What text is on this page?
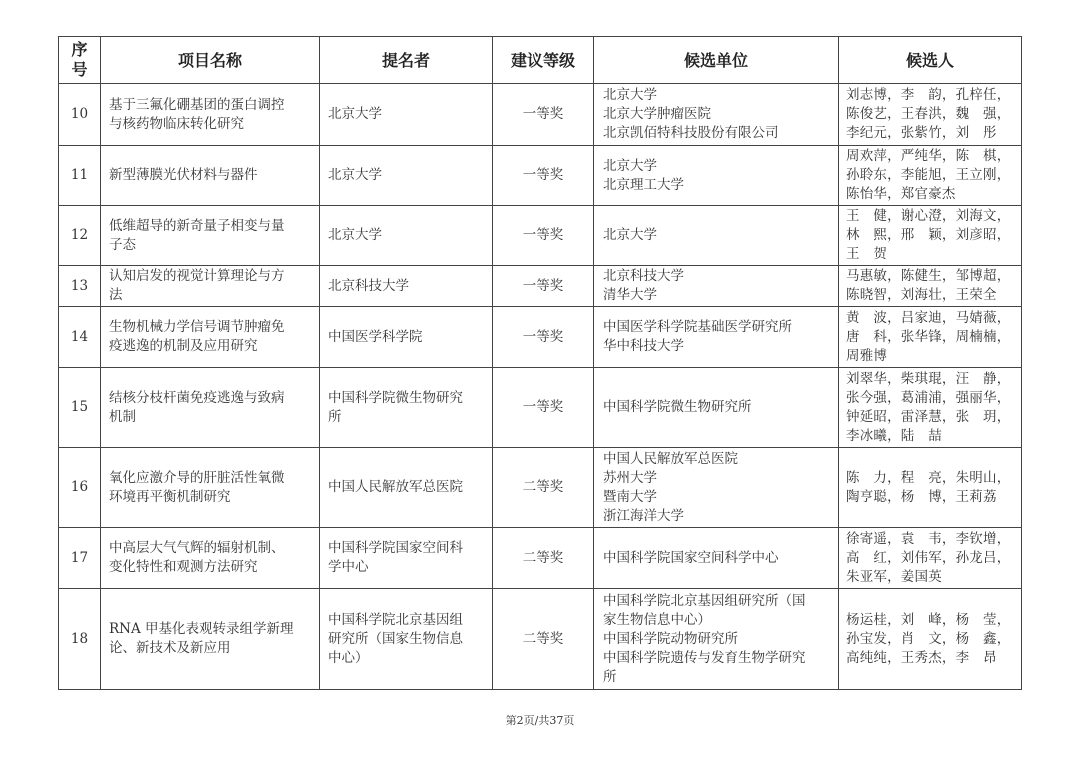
序
号	项目名称	提名者	建议等级	候选单位	候选人
10	基于三氟化硼基团的蛋白调控
与核药物临床转化研究	北京大学	一等奖	北京大学
北京大学肿瘤医院
北京凯佰特科技股份有限公司	刘志博，李　韵，孔梓任，
陈俊艺，王春洪，魏　强，
李纪元，张紫竹，刘　彤

11	新型薄膜光伏材料与器件	北京大学	一等奖	北京大学
北京理工大学	周欢萍，严纯华，陈　棋，
孙聆东，李能旭，王立刚，
陈怡华，郑官豪杰

12	低维超导的新奇量子相变与量
子态	北京大学	一等奖	北京大学	王　健，谢心澄，刘海文，
林　熙，邢　颖，刘彦昭，
王　贺

13	认知启发的视觉计算理论与方
法	北京科技大学	一等奖	北京科技大学
清华大学	马惠敏，陈健生，邹博超，
陈晓智，刘海壮，王荣全

14	生物机械力学信号调节肿瘤免
疫逃逸的机制及应用研究	中国医学科学院	一等奖	中国医学科学院基础医学研究所
华中科技大学	黄　波，吕家迪，马婧薇，
唐　科，张华锋，周楠楠，
周雅博

15	结核分枝杆菌免疫逃逸与致病
机制	中国科学院微生物研究
所	一等奖	中国科学院微生物研究所	刘翠华，柴琪琨，汪　静，
张今强，葛浦浦，强丽华，
钟延昭，雷泽慧，张　玥，
李冰曦，陆　喆

16	氧化应激介导的肝脏活性氧微
环境再平衡机制研究	中国人民解放军总医院	二等奖	中国人民解放军总医院
苏州大学
暨南大学
浙江海洋大学	陈　力，程　亮，朱明山，
陶亨聪，杨　博，王莉荔

17	中高层大气气辉的辐射机制、
变化特性和观测方法研究	中国科学院国家空间科
学中心	二等奖	中国科学院国家空间科学中心	徐寄遥，袁　韦，李钦增，
高　红，刘伟军，孙龙吕，
朱亚军，姜国英

18	RNA 甲基化表观转录组学新理
论、新技术及新应用	中国科学院北京基因组
研究所（国家生物信息
中心）	二等奖	中国科学院北京基因组研究所（国
家生物信息中心）
中国科学院动物研究所
中国科学院遗传与发育生物学研究
所	杨运桂，刘　峰，杨　莹，
孙宝发，肖　文，杨　鑫，
高纯纯，王秀杰，李　昂
第2页/共37页
